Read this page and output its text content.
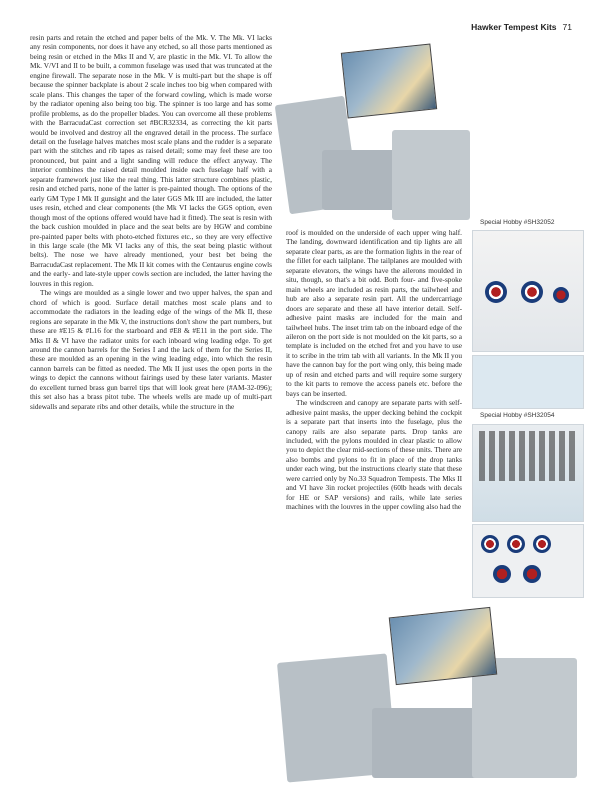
Hawker Tempest Kits 71

resin parts and retain the etched and paper belts of the Mk. V. The Mk. VI lacks any resin components, nor does it have any etched, so all those parts mentioned as being resin or etched in the Mks II and V, are plastic in the Mk. VI. To allow the Mk. V/VI and II to be built, a common fuselage was used that was truncated at the engine firewall. The separate nose in the Mk. V is multi-part but the shape is off because the spinner backplate is about 2 scale inches too big when compared with scale plans. This changes the taper of the forward cowling, which is made worse by the radiator opening also being too big. The spinner is too large and has some profile problems, as do the propeller blades. You can overcome all these problems with the BarracudaCast correction set #BCR32334, as correcting the kit parts would be involved and destroy all the engraved detail in the process. The surface detail on the fuselage halves matches most scale plans and the rudder is a separate part with the stitches and rib tapes as raised detail; some may feel these are too pronounced, but paint and a light sanding will reduce the effect anyway. The interior combines the raised detail moulded inside each fuselage half with a separate framework just like the real thing. This latter structure combines plastic, resin and etched parts, none of the latter is pre-painted though. The options of the early GM Type I Mk II gunsight and the later GGS Mk III are included, the latter uses resin, etched and clear components (the Mk VI lacks the GGS option, even though most of the options offered would have had it fitted). The seat is resin with the back cushion moulded in place and the seat belts are by HGW and combine pre-painted paper belts with photo-etched fixtures etc., so they are very effective in this large scale (the Mk VI lacks any of this, the seat being plastic without belts). The nose we have already mentioned, your best bet being the BarracudaCast replacement. The Mk II kit comes with the Centaurus engine cowls and the early- and late-style upper cowls section are included, the latter having the louvres in this region.

The wings are moulded as a single lower and two upper halves, the span and chord of which is good. Surface detail matches most scale plans and to accommodate the radiators in the leading edge of the wings of the Mk II, these regions are separate in the Mk V, the instructions don't show the part numbers, but these are #E15 & #L16 for the starboard and #E8 & #E11 in the port side. The Mks II & VI have the radiator units for each inboard wing leading edge. To get around the cannon barrels for the Series I and the lack of them for the Series II, these are moulded as an opening in the wing leading edge, into which the resin cannon barrels can be fitted as needed. The Mk II just uses the open ports in the wings to depict the cannons without fairings used by these later variants. Master do excellent turned brass gun barrel tips that will look great here (#AM-32-096); this set also has a brass pitot tube. The wheels wells are made up of multi-part sidewalls and separate ribs and other details, while the structure in the

roof is moulded on the underside of each upper wing half. The landing, downward identification and tip lights are all separate clear parts, as are the formation lights in the rear of the fillet for each tailplane. The tailplanes are moulded with separate elevators, the wings have the ailerons moulded in situ, though, so that's a bit odd. Both four- and five-spoke main wheels are included as resin parts, the tailwheel and hub are also a separate resin part. All the undercarriage doors are separate and these all have interior detail. Self-adhesive paint masks are included for the main and tailwheel hubs. The inset trim tab on the inboard edge of the aileron on the port side is not moulded on the kit parts, so a template is included on the etched fret and you have to use it to scribe in the trim tab with all variants. In the Mk II you have the cannon bay for the port wing only, this being made up of resin and etched parts and will require some surgery to the kit parts to remove the access panels etc. before the bays can be inserted.

The windscreen and canopy are separate parts with self-adhesive paint masks, the upper decking behind the cockpit is a separate part that inserts into the fuselage, plus the canopy rails are also separate parts. Drop tanks are included, with the pylons moulded in clear plastic to allow you to depict the clear mid-sections of these units. There are also bombs and pylons to fit in place of the drop tanks under each wing, but the instructions clearly state that these were carried only by No.33 Squadron Tempests. The Mks II and VI have 3in rocket projectiles (60lb heads with decals for HE or SAP versions) and rails, while late series machines with the louvres in the upper cowling also had the

Special Hobby #SH32052
Special Hobby #SH32054
